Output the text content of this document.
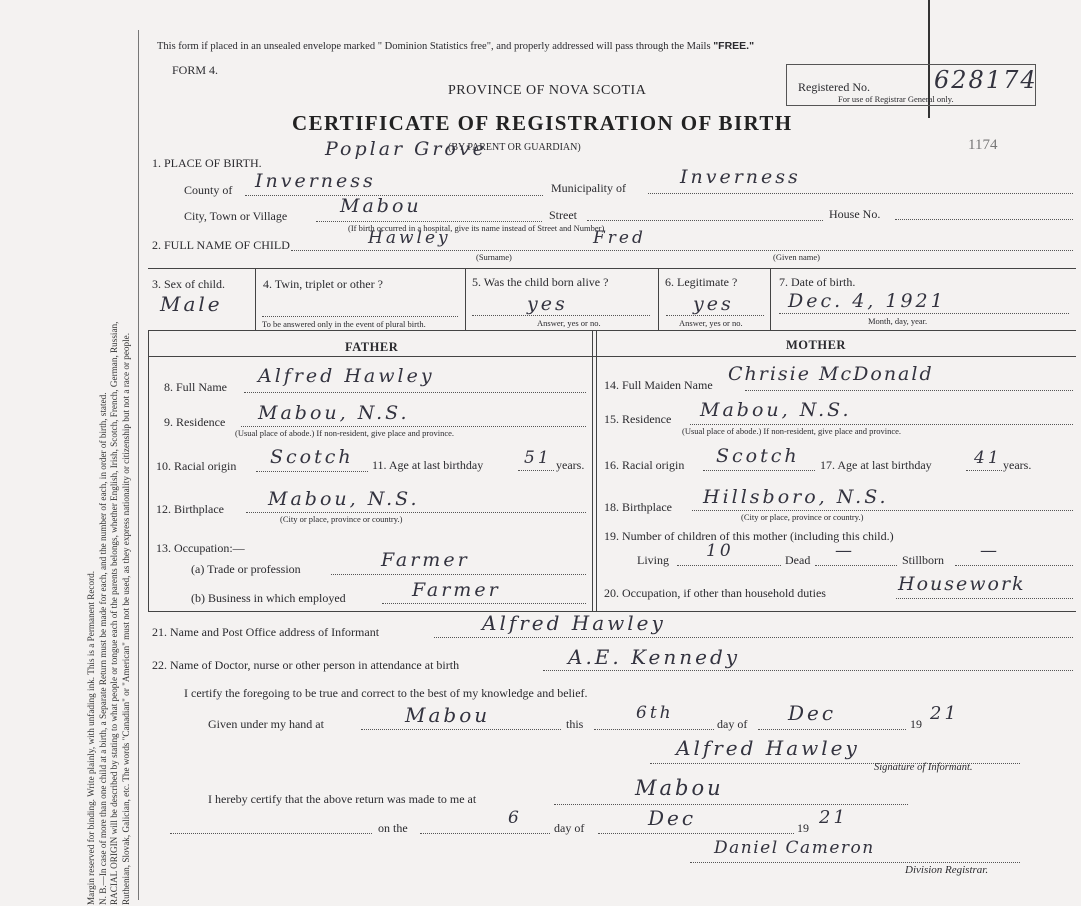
Margin reserved for binding. Write plainly, with unfading ink. This is a Permanent Record. N. B.—In case of more than one child at a birth, a Separate Return must be made for each, and the number of each, in order of birth, stated. RACIAL ORIGIN will be described by stating to what people or tongue each of the parents belongs, whether English, Irish, Scotch, French, German, Russian, Ruthenian, Slovak, Galician, etc. The words "Canadian" or "American" must not be used, as they express nationality or citizenship but not a race or people.
This form if placed in an unsealed envelope marked " Dominion Statistics free", and properly addressed will pass through the Mails "FREE."
FORM 4.
PROVINCE OF NOVA SCOTIA
CERTIFICATE OF REGISTRATION OF BIRTH
(BY PARENT OR GUARDIAN)
Registered No.	628174
For use of Registrar General only.
1174
1. PLACE OF BIRTH.
Poplar Grove
County of Inverness	Municipality of	Inverness
City, Town or Village	Mabou	Street	House No.
(If birth occurred in a hospital, give its name instead of Street and Number)
2. FULL NAME OF CHILD	Hawley	Fred
(Surname)	(Given name)
3. Sex of child.
Male
4. Twin, triplet or other ?
To be answered only in the event of plural birth.
5. Was the child born alive ?
yes
Answer, yes or no.
6. Legitimate ?
yes
Answer, yes or no.
7. Date of birth.
Dec. 4, 1921
Month, day, year.
FATHER	MOTHER
8. Full Name Alfred Hawley
9. Residence Mabou, N.S.
(Usual place of abode.) If non-resident, give place and province.
10. Racial origin Scotch 11. Age at last birthday 51 years.
12. Birthplace Mabou, N.S.
(City or place, province or country.)
13. Occupation:—
(a) Trade or profession	Farmer
(b) Business in which employed	Farmer
14. Full Maiden Name Chrisie McDonald
15. Residence Mabou, N.S.
(Usual place of abode.) If non-resident, give place and province.
16. Racial origin Scotch 17. Age at last birthday 41 years.
18. Birthplace Hillsboro, N.S.
(City or place, province or country.)
19. Number of children of this mother (including this child.)
Living 10	Dead —	Stillborn —
20. Occupation, if other than household duties	Housework
21. Name and Post Office address of Informant	Alfred Hawley
22. Name of Doctor, nurse or other person in attendance at birth	A.E. Kennedy
I certify the foregoing to be true and correct to the best of my knowledge and belief.
Given under my hand at	Mabou	this
6th
day of Dec	19 21
Alfred Hawley
Signature of Informant.
I hereby certify that the above return was made to me at	Mabou
on the	6	day of	Dec	19 21
Daniel Cameron
Division Registrar.
